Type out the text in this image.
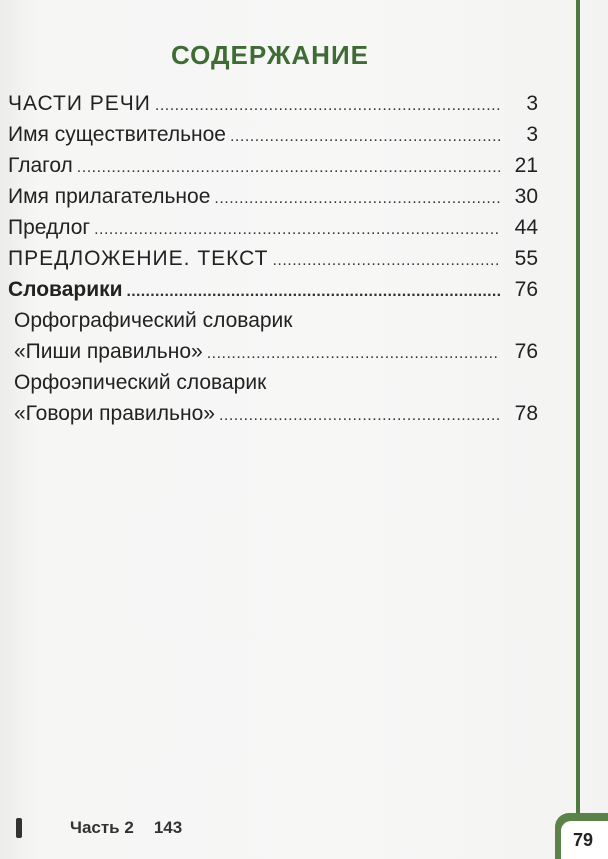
СОДЕРЖАНИЕ
ЧАСТИ РЕЧИ .....	3
Имя существительное .....	3
Глагол .....	21
Имя прилагательное .....	30
Предлог .....	44
ПРЕДЛОЖЕНИЕ. ТЕКСТ .....	55
Словарики .....	76
Орфографический словарик
«Пиши правильно» .....	76
Орфоэпический словарик
«Говори правильно» .....	78
Часть 2 143
79
